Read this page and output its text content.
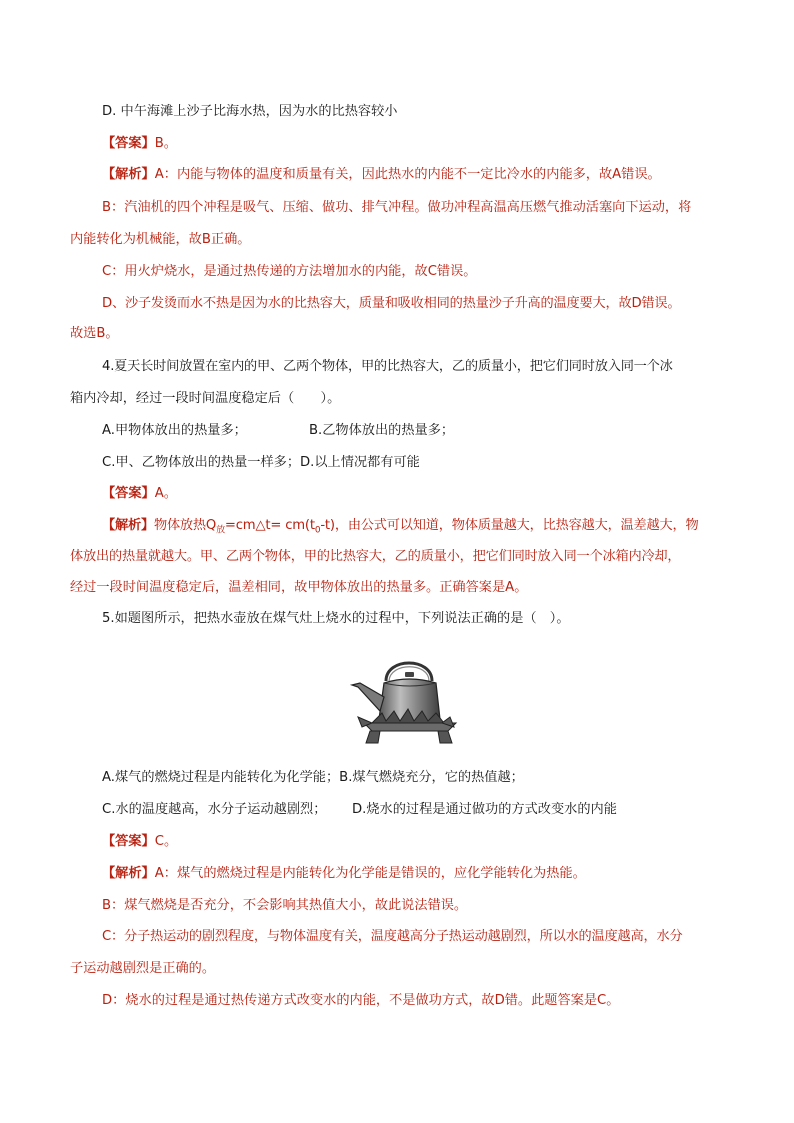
D. 中午海滩上沙子比海水热，因为水的比热容较小
【答案】B。
【解析】A：内能与物体的温度和质量有关，因此热水的内能不一定比冷水的内能多，故A错误。
B：汽油机的四个冲程是吸气、压缩、做功、排气冲程。做功冲程高温高压燃气推动活塞向下运动，将
内能转化为机械能，故B正确。
C：用火炉烧水，是通过热传递的方法增加水的内能，故C错误。
D、沙子发烫而水不热是因为水的比热容大，质量和吸收相同的热量沙子升高的温度要大，故D错误。
故选B。
4.夏天长时间放置在室内的甲、乙两个物体，甲的比热容大，乙的质量小，把它们同时放入同一个冰
箱内冷却，经过一段时间温度稳定后（　　）。
A.甲物体放出的热量多；	B.乙物体放出的热量多；
C.甲、乙物体放出的热量一样多；D.以上情况都有可能
【答案】A。
【解析】物体放热$Q_放=cm\triangle t= cm(t_0-t)$，由公式可以知道，物体质量越大，比热容越大，温差越大，物
体放出的热量就越大。甲、乙两个物体，甲的比热容大，乙的质量小，把它们同时放入同一个冰箱内冷却，
经过一段时间温度稳定后，温差相同，故甲物体放出的热量多。正确答案是A。
5.如题图所示，把热水壶放在煤气灶上烧水的过程中，下列说法正确的是（　）。
A.煤气的燃烧过程是内能转化为化学能；B.煤气燃烧充分，它的热值越；
C.水的温度越高，水分子运动越剧烈； D.烧水的过程是通过做功的方式改变水的内能
【答案】C。
【解析】A：煤气的燃烧过程是内能转化为化学能是错误的，应化学能转化为热能。
B：煤气燃烧是否充分，不会影响其热值大小，故此说法错误。
C：分子热运动的剧烈程度，与物体温度有关，温度越高分子热运动越剧烈，所以水的温度越高，水分
子运动越剧烈是正确的。
D：烧水的过程是通过热传递方式改变水的内能，不是做功方式，故D错。此题答案是C。
